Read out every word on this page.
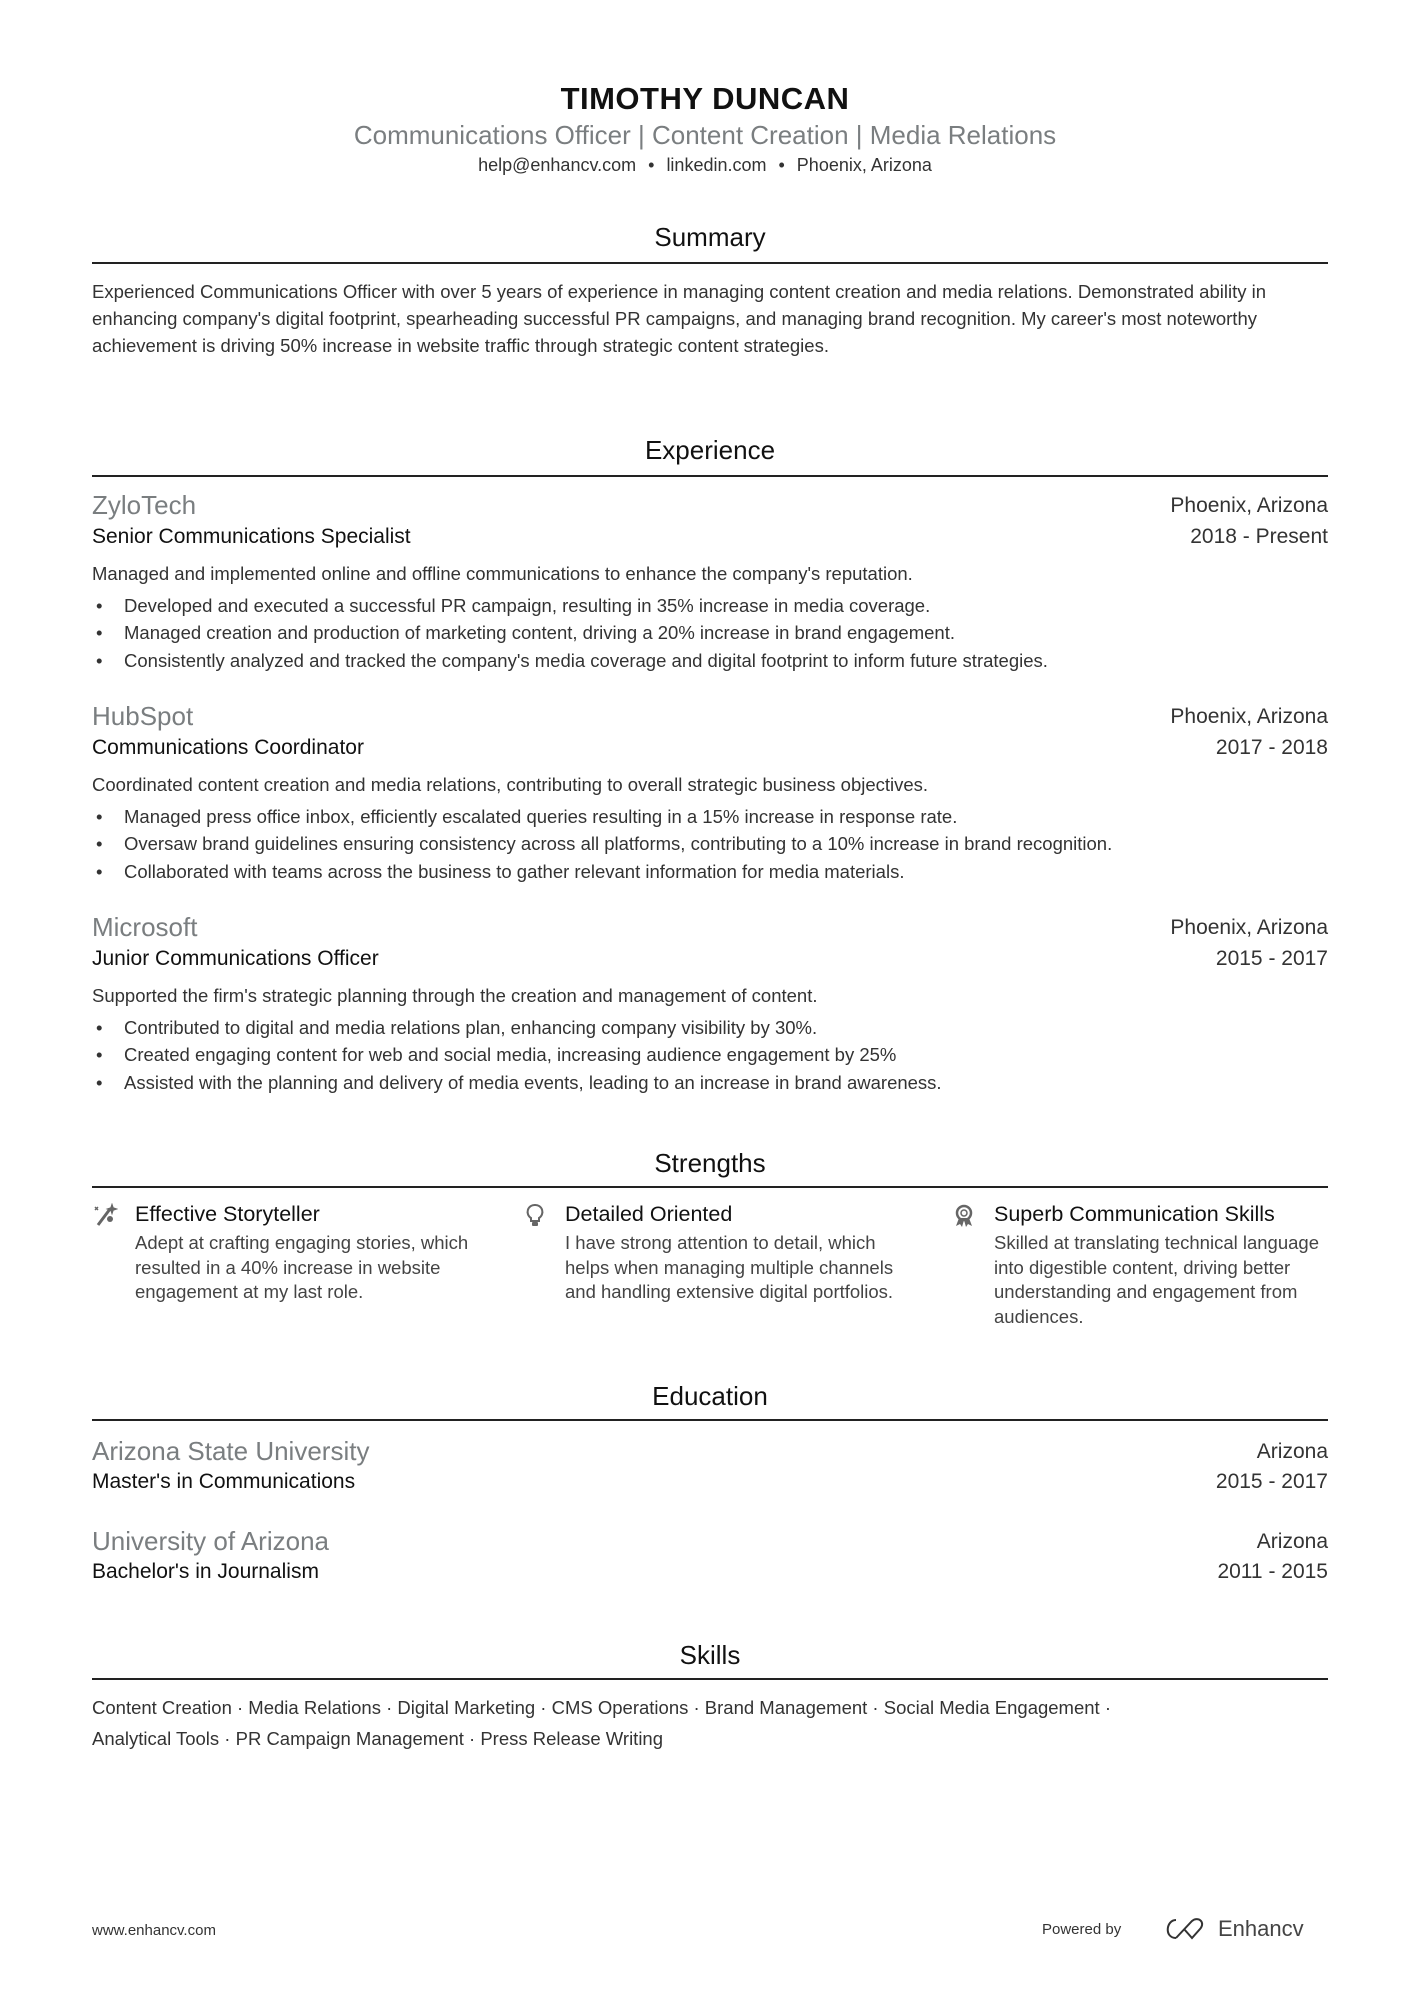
TIMOTHY DUNCAN
Communications Officer | Content Creation | Media Relations
help@enhancv.com • linkedin.com • Phoenix, Arizona
Summary
Experienced Communications Officer with over 5 years of experience in managing content creation and media relations. Demonstrated ability in enhancing company's digital footprint, spearheading successful PR campaigns, and managing brand recognition. My career's most noteworthy achievement is driving 50% increase in website traffic through strategic content strategies.
Experience
ZyloTech	Phoenix, Arizona
Senior Communications Specialist	2018 - Present
Managed and implemented online and offline communications to enhance the company's reputation.
• Developed and executed a successful PR campaign, resulting in 35% increase in media coverage.
• Managed creation and production of marketing content, driving a 20% increase in brand engagement.
• Consistently analyzed and tracked the company's media coverage and digital footprint to inform future strategies.
HubSpot	Phoenix, Arizona
Communications Coordinator	2017 - 2018
Coordinated content creation and media relations, contributing to overall strategic business objectives.
• Managed press office inbox, efficiently escalated queries resulting in a 15% increase in response rate.
• Oversaw brand guidelines ensuring consistency across all platforms, contributing to a 10% increase in brand recognition.
• Collaborated with teams across the business to gather relevant information for media materials.
Microsoft	Phoenix, Arizona
Junior Communications Officer	2015 - 2017
Supported the firm's strategic planning through the creation and management of content.
• Contributed to digital and media relations plan, enhancing company visibility by 30%.
• Created engaging content for web and social media, increasing audience engagement by 25%
• Assisted with the planning and delivery of media events, leading to an increase in brand awareness.
Strengths
Effective Storyteller
Adept at crafting engaging stories, which resulted in a 40% increase in website engagement at my last role.
Detailed Oriented
I have strong attention to detail, which helps when managing multiple channels and handling extensive digital portfolios.
Superb Communication Skills
Skilled at translating technical language into digestible content, driving better understanding and engagement from audiences.
Education
Arizona State University	Arizona
Master's in Communications	2015 - 2017
University of Arizona	Arizona
Bachelor's in Journalism	2011 - 2015
Skills
Content Creation · Media Relations · Digital Marketing · CMS Operations · Brand Management · Social Media Engagement ·
Analytical Tools · PR Campaign Management · Press Release Writing
www.enhancv.com	Powered by	Enhancv
